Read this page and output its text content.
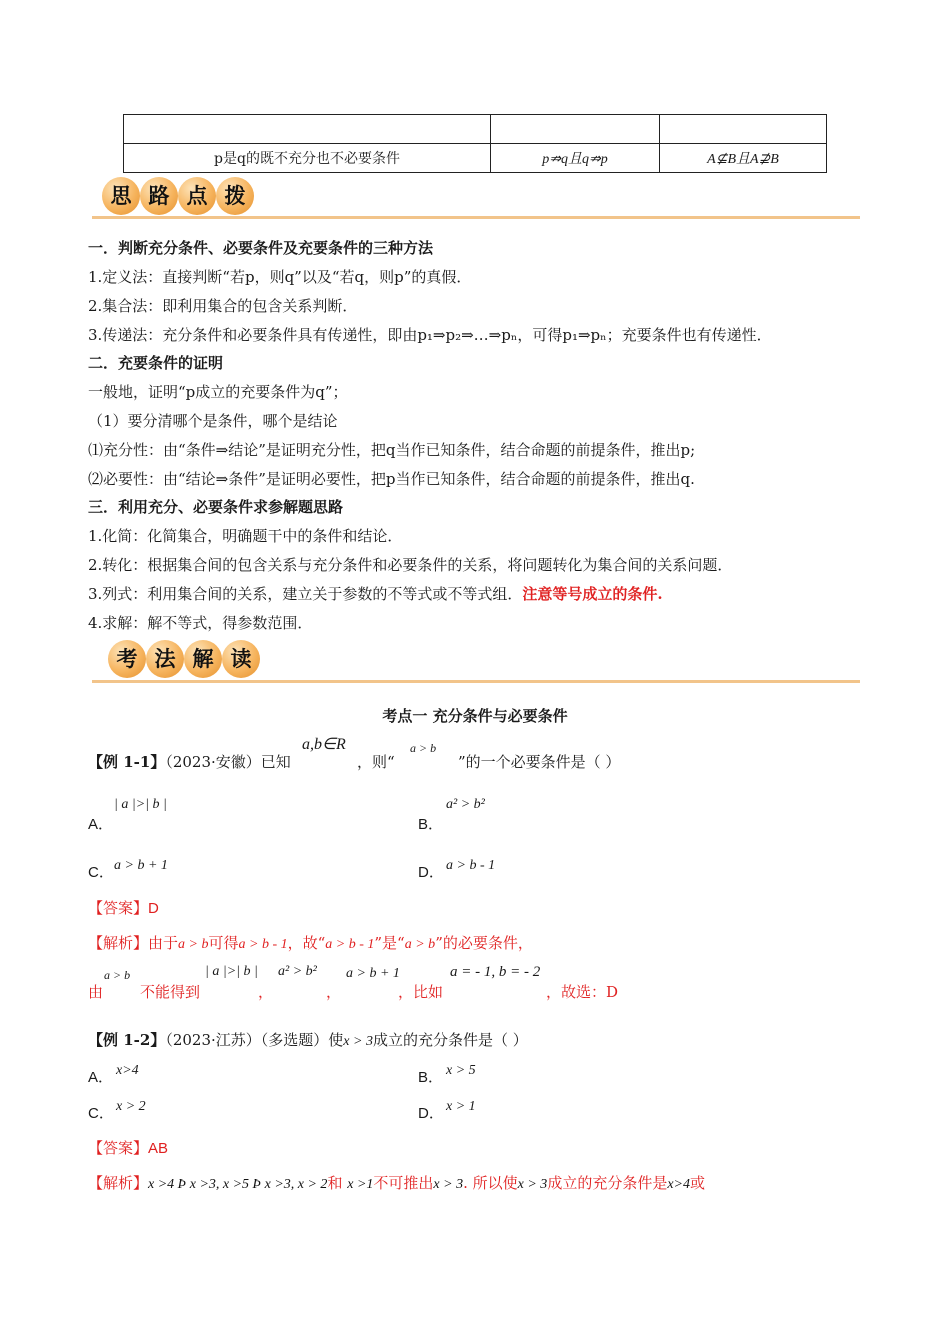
p是q的既不充分也不必要条件	p⇏q且q⇏p	A⊈B且A⊉B
思 路 点 拨
一．判断充分条件、必要条件及充要条件的三种方法
1.定义法：直接判断“若p，则q”以及“若q，则p”的真假．
2.集合法：即利用集合的包含关系判断．
3.传递法：充分条件和必要条件具有传递性，即由p₁⇒p₂⇒…⇒pₙ，可得p₁⇒pₙ；充要条件也有传递性．
二．充要条件的证明
一般地，证明“p成立的充要条件为q”；
（1）要分清哪个是条件，哪个是结论
⑴充分性：由“条件⇒结论”是证明充分性，把q当作已知条件，结合命题的前提条件，推出p;
⑵必要性：由“结论⇒条件”是证明必要性，把p当作已知条件，结合命题的前提条件，推出q.
三．利用充分、必要条件求参解题思路
1.化简：化简集合，明确题干中的条件和结论．
2.转化：根据集合间的包含关系与充分条件和必要条件的关系，将问题转化为集合间的关系问题．
3.列式：利用集合间的关系，建立关于参数的不等式或不等式组．注意等号成立的条件.
4.求解：解不等式，得参数范围．
考 法 解 读
考点一 充分条件与必要条件
【例 1-1】（2023·安徽）已知
a,b∈R
，则“
a > b
”的一个必要条件是（ ）
A．
| a |>| b |
B．
a² > b²
C． a > b + 1	D． a > b - 1
【答案】D
【解析】由于a > b可得a > b - 1，故“a > b - 1”是“a > b”的必要条件，
由
a > b
不能得到
| a |>| b |
，
a² > b²
，
a > b + 1
，比如
a = - 1, b = - 2
，故选：D
【例 1-2】（2023·江苏）（多选题）使x > 3成立的充分条件是（ ）
A． x>4	B． x > 5
C． x > 2	D． x > 1
【答案】AB
【解析】x >4 Þ x >3, x >5 Þ x >3, x > 2和 x >1不可推出x > 3. 所以使x > 3成立的充分条件是x>4或
